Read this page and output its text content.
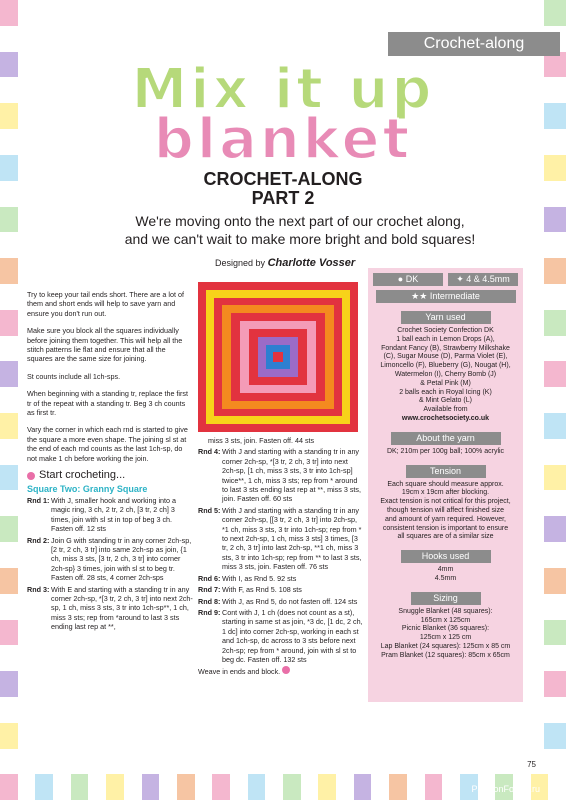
Crochet-along
Mix it up
blanket
CROCHET-ALONG
PART 2
We're moving onto the next part of our crochet along,
and we can't wait to make more bright and bold squares!
Designed by Charlotte Vosser

Try to keep your tail ends short. There are a lot of them and short ends will help to save yarn and ensure you don't run out.

Make sure you block all the squares individually before joining them together. This will help all the stitch patterns lie flat and ensure that all the squares are the same size for joining.

St counts include all 1ch-sps.

When beginning with a standing tr, replace the first tr of the repeat with a standing tr. Beg 3 ch counts as first tr.

Vary the corner in which each rnd is started to give the square a more even shape. The joining sl st at the end of each rnd counts as the last 1ch-sp, do not make 1 ch before working the join.

Start crocheting...
Square Two: Granny Square
Rnd 1: With J, smaller hook and working into a magic ring, 3 ch, 2 tr, 2 ch, [3 tr, 2 ch] 3 times, join with sl st in top of beg 3 ch. Fasten off. 12 sts
Rnd 2: Join G with standing tr in any corner 2ch-sp, [2 tr, 2 ch, 3 tr] into same 2ch-sp as join, {1 ch, miss 3 sts, [3 tr, 2 ch, 3 tr] into corner 2ch-sp} 3 times, join with sl st to beg tr. Fasten off. 28 sts, 4 corner 2ch-sps
Rnd 3: With E and starting with a standing tr in any corner 2ch-sp, *[3 tr, 2 ch, 3 tr] into next 2ch-sp, 1 ch, miss 3 sts, 3 tr into 1ch-sp**, 1 ch, miss 3 sts; rep from *around to last 3 sts ending last rep at **,
miss 3 sts, join. Fasten off. 44 sts
Rnd 4: With J and starting with a standing tr in any corner 2ch-sp, *[3 tr, 2 ch, 3 tr] into next 2ch-sp, [1 ch, miss 3 sts, 3 tr into 1ch-sp] twice**, 1 ch, miss 3 sts; rep from * around to last 3 sts ending last rep at **, miss 3 sts, join. Fasten off. 60 sts
Rnd 5: With J and starting with a standing tr in any corner 2ch-sp, [[3 tr, 2 ch, 3 tr] into 2ch-sp, *1 ch, miss 3 sts, 3 tr into 1ch-sp; rep from * to next 2ch-sp, 1 ch, miss 3 sts] 3 times, [3 tr, 2 ch, 3 tr] into last 2ch-sp, **1 ch, miss 3 sts, 3 tr into 1ch-sp; rep from ** to last 3 sts, miss 3 sts, join. Fasten off. 76 sts
Rnd 6: With I, as Rnd 5. 92 sts
Rnd 7: With F, as Rnd 5. 108 sts
Rnd 8: With J, as Rnd 5, do not fasten off. 124 sts
Rnd 9: Cont with J, 1 ch (does not count as a st), starting in same st as join, *3 dc, [1 dc, 2 ch, 1 dc] into corner 2ch-sp, working in each st and 1ch-sp, dc across to 3 sts before next 2ch-sp; rep from * around, join with sl st to beg dc. Fasten off. 132 sts
Weave in ends and block.
● DK	✦ 4 & 4.5mm
★★ Intermediate
Yarn used
Crochet Society Confection DK
1 ball each in Lemon Drops (A),
Fondant Fancy (B), Strawberry Milkshake
(C), Sugar Mouse (D), Parma Violet (E),
Limoncello (F), Blueberry (G), Nougat (H),
Watermelon (I), Cherry Bomb (J)
& Petal Pink (M)
2 balls each in Royal Icing (K)
& Mint Gelato (L)
Available from
www.crochetsociety.co.uk
About the yarn
DK; 210m per 100g ball; 100% acrylic
Tension
Each square should measure approx.
19cm x 19cm after blocking.
Exact tension is not critical for this project,
though tension will affect finished size
and amount of yarn required. However,
consistent tension is important to ensure
all squares are of a similar size
Hooks used
4mm
4.5mm
Sizing
Snuggle Blanket (48 squares):
165cm x 125cm
Picnic Blanket (36 squares):
125cm x 125 cm
Lap Blanket (24 squares): 125cm x 85 cm
Pram Blanket (12 squares): 85cm x 65cm
75
PassionForum.ru
